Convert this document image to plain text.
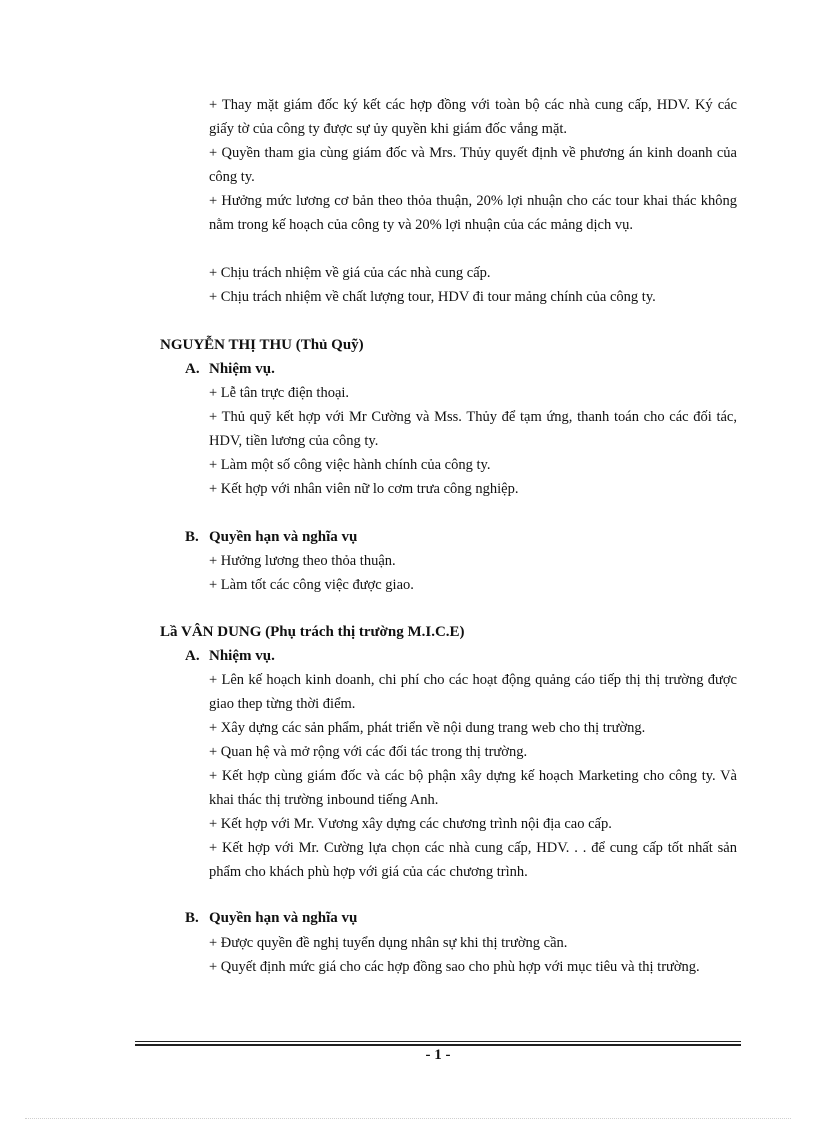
+ Thay mặt giám đốc ký kết các hợp đồng với toàn bộ các nhà cung cấp, HDV. Ký các giấy tờ của công ty được sự ủy quyền khi giám đốc vắng mặt.

+ Quyền tham gia cùng giám đốc và Mrs. Thủy quyết định về phương án kinh doanh của công ty.

+ Hưởng mức lương cơ bản theo thỏa thuận, 20% lợi nhuận cho các tour khai thác không nằm trong kế hoạch của công ty và 20% lợi nhuận của các mảng dịch vụ.

+ Chịu trách nhiệm về giá của các nhà cung cấp.

+ Chịu trách nhiệm về chất lượng tour, HDV đi tour mảng chính của công ty.

NGUYỄN THỊ THU (Thủ Quỹ)
A. Nhiệm vụ.

+ Lễ tân trực điện thoại.

+ Thủ quỹ kết hợp với Mr Cường và Mss. Thủy để tạm ứng, thanh toán cho các đối tác, HDV, tiền lương của công ty.

+ Làm một số công việc hành chính của công ty.

+ Kết hợp với nhân viên nữ lo cơm trưa công nghiệp.

B. Quyền hạn và nghĩa vụ

+ Hưởng lương theo thỏa thuận.

+ Làm tốt các công việc được giao.

Lầ VÂN DUNG (Phụ trách thị trường M.I.C.E)
A. Nhiệm vụ.

+ Lên kế hoạch kinh doanh, chi phí cho các hoạt động quảng cáo tiếp thị thị trường được giao thep từng thời điểm.

+ Xây dựng các sản phẩm, phát triển về nội dung trang web cho thị trường.

+ Quan hệ và mở rộng với các đối tác trong thị trường.

+ Kết hợp cùng giám đốc và các bộ phận xây dựng kế hoạch Marketing cho công ty. Và khai thác thị trường inbound tiếng Anh.

+ Kết hợp với Mr. Vương xây dựng các chương trình nội địa cao cấp.

+ Kết hợp với Mr. Cường lựa chọn các nhà cung cấp, HDV. . . để cung cấp tốt nhất sản phẩm cho khách phù hợp với giá của các chương trình.

B. Quyền hạn và nghĩa vụ

+ Được quyền đề nghị tuyển dụng nhân sự khi thị trường cần.

+ Quyết định mức giá cho các hợp đồng sao cho phù hợp với mục tiêu và thị trường.

- 1 -
